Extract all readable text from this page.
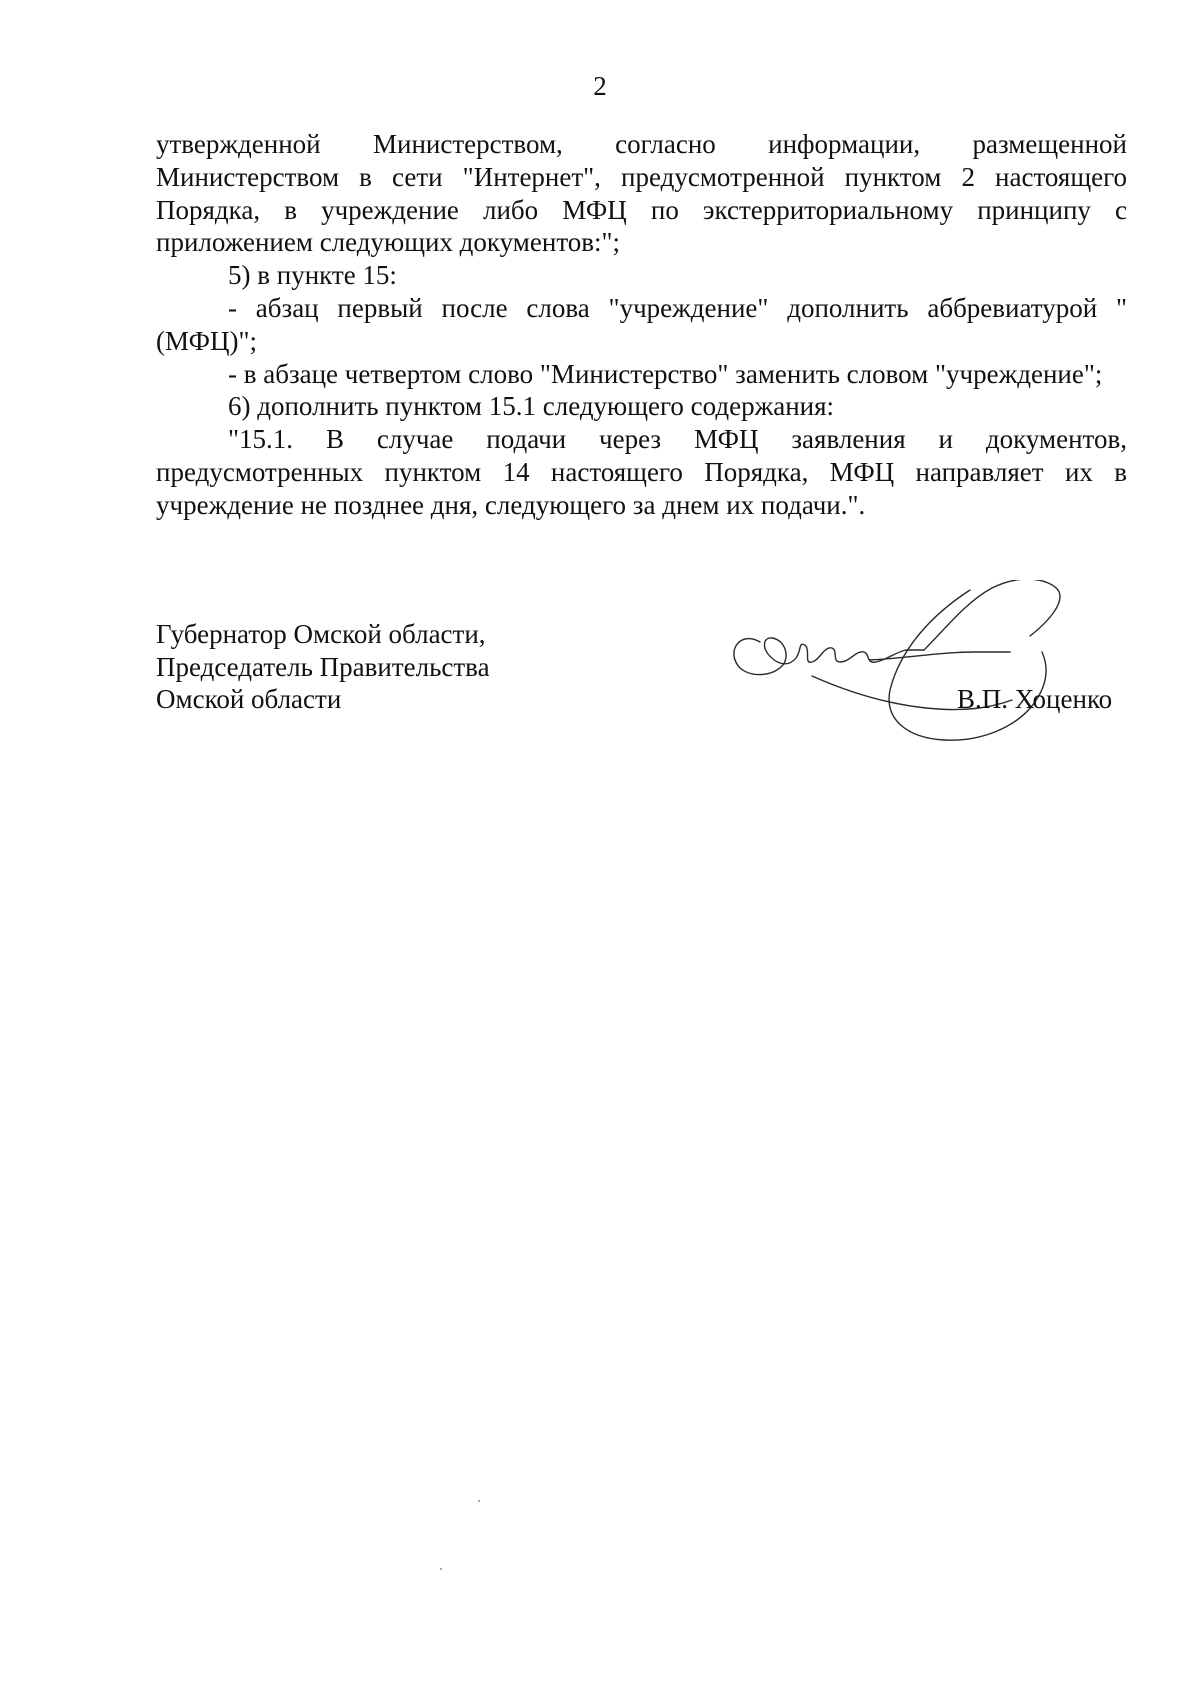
2

утвержденной Министерством, согласно информации, размещенной Министерством в сети "Интернет", предусмотренной пунктом 2 настоящего Порядка, в учреждение либо МФЦ по экстерриториальному принципу с приложением следующих документов:";

5) в пункте 15:

- абзац первый после слова "учреждение" дополнить аббревиатурой "(МФЦ)";

- в абзаце четвертом слово "Министерство" заменить словом "учреждение";

6) дополнить пунктом 15.1 следующего содержания:

"15.1. В случае подачи через МФЦ заявления и документов, предусмотренных пунктом 14 настоящего Порядка, МФЦ направляет их в учреждение не позднее дня, следующего за днем их подачи.".

Губернатор Омской области,
Председатель Правительства
Омской области	В.П. Хоценко
